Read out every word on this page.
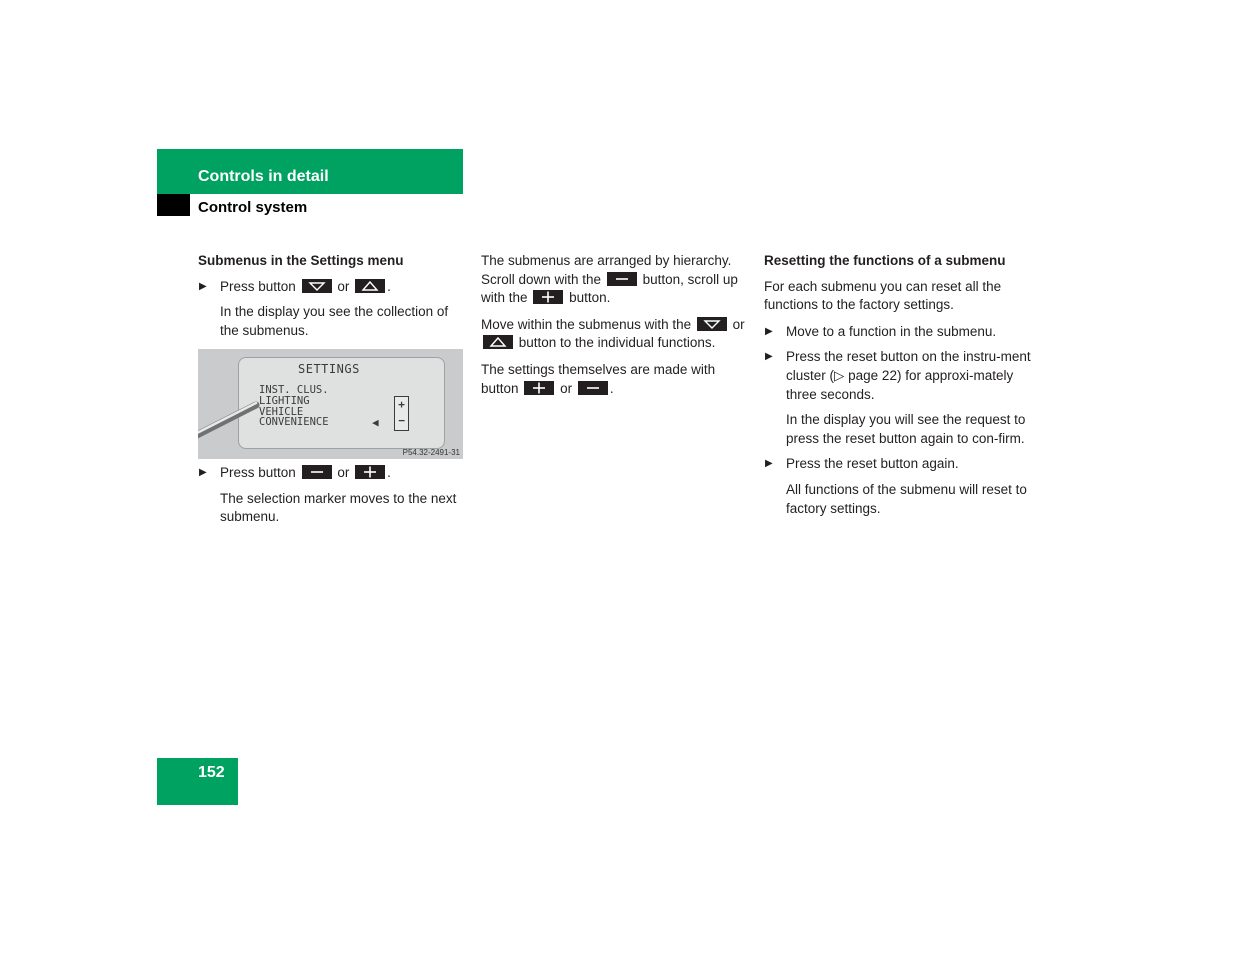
Controls in detail
Control system

Submenus in the Settings menu

▶ Press button	or	.

In the display you see the collection of the submenus.

SETTINGS
INST. CLUS.
LIGHTING
VEHICLE
CONVENIENCE	◀
+
−
P54.32-2491-31

▶ Press button	or	.

The selection marker moves to the next submenu.

The submenus are arranged by hierarchy. Scroll down with the	button, scroll up with the	button.

Move within the submenus with the	or
button to the individual functions.

The settings themselves are made with button	or	.

Resetting the functions of a submenu

For each submenu you can reset all the functions to the factory settings.

▶ Move to a function in the submenu.

▶ Press the reset button on the instru-ment cluster (▷ page 22) for approxi-mately three seconds.

In the display you will see the request to press the reset button again to con-firm.

▶ Press the reset button again.

All functions of the submenu will reset to factory settings.

152
